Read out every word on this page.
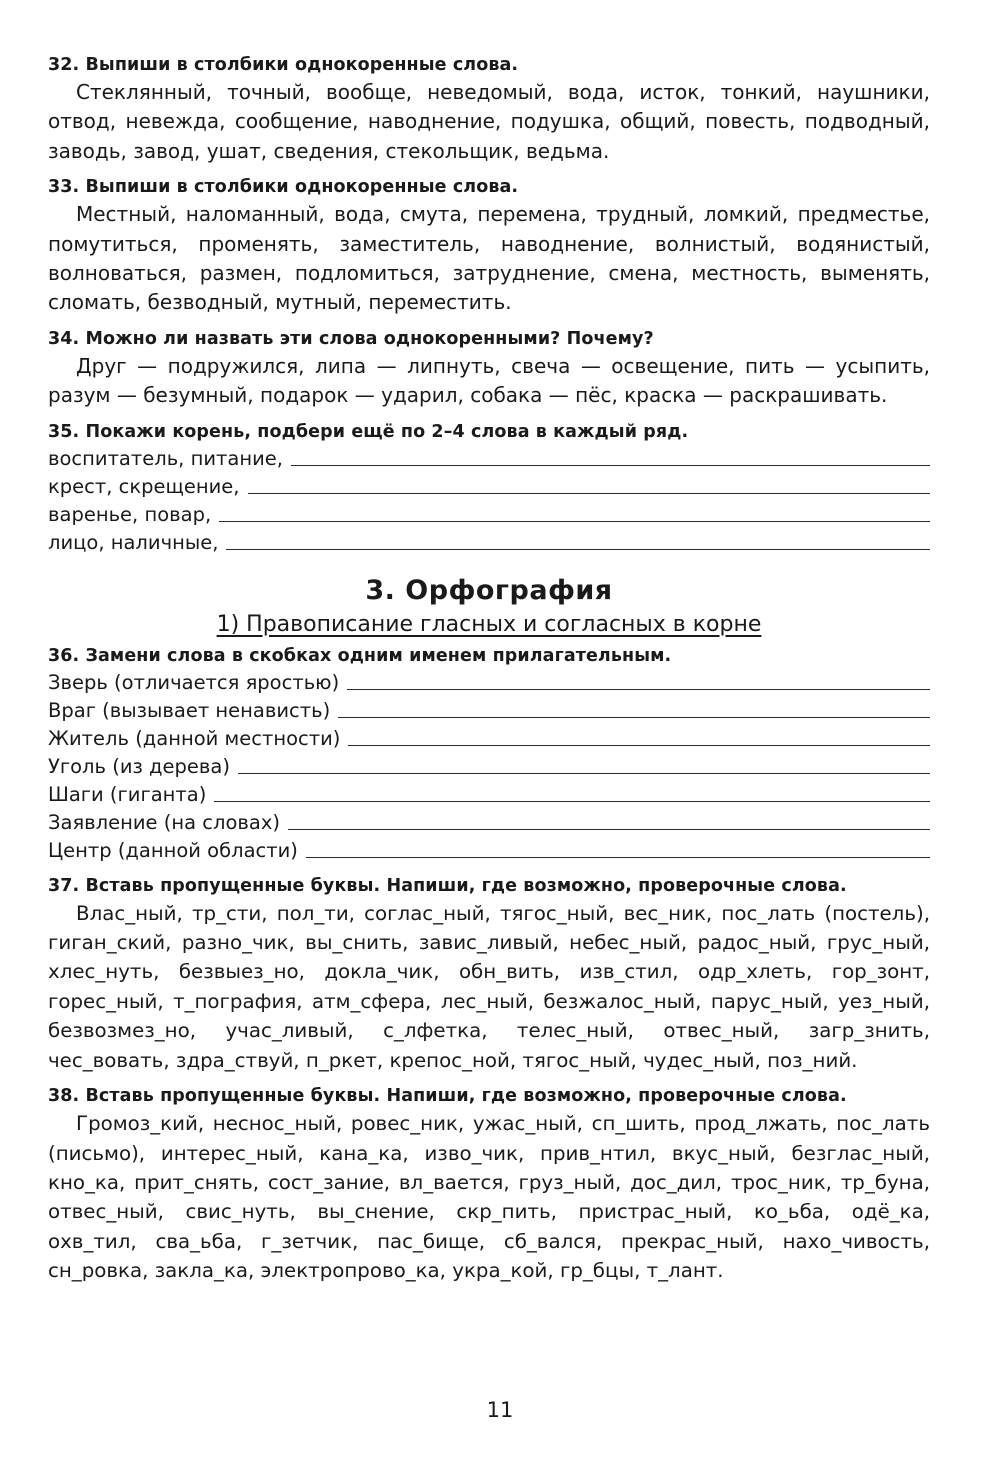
32. Выпиши в столбики однокоренные слова.
Стеклянный, точный, вообще, неведомый, вода, исток, тонкий, наушники, отвод, невежда, сообщение, наводнение, подушка, общий, повесть, подводный, заводь, завод, ушат, сведения, стекольщик, ведьма.
33. Выпиши в столбики однокоренные слова.
Местный, наломанный, вода, смута, перемена, трудный, ломкий, предместье, помутиться, променять, заместитель, наводнение, волнистый, водянистый, волноваться, размен, подломиться, затруднение, смена, местность, выменять, сломать, безводный, мутный, переместить.
34. Можно ли назвать эти слова однокоренными? Почему?
Друг — подружился, липа — липнуть, свеча — освещение, пить — усыпить, разум — безумный, подарок — ударил, собака — пёс, краска — раскрашивать.
35. Покажи корень, подбери ещё по 2–4 слова в каждый ряд.
воспитатель, питание,
крест, скрещение,
варенье, повар,
лицо, наличные,
3. Орфография
1) Правописание гласных и согласных в корне
36. Замени слова в скобках одним именем прилагательным.
Зверь (отличается яростью)
Враг (вызывает ненависть)
Житель (данной местности)
Уголь (из дерева)
Шаги (гиганта)
Заявление (на словах)
Центр (данной области)
37. Вставь пропущенные буквы. Напиши, где возможно, проверочные слова.
Влас_ный, тр_сти, пол_ти, соглас_ный, тягос_ный, вес_ник, пос_лать (постель), гиган_ский, разно_чик, вы_снить, завис_ливый, небес_ный, радос_ный, грус_ный, хлес_нуть, безвыез_но, докла_чик, обн_вить, изв_стил, одр_хлеть, гор_зонт, горес_ный, т_пография, атм_сфера, лес_ный, безжалос_ный, парус_ный, уез_ный, безвозмез_но, учас_ливый, с_лфетка, телес_ный, отвес_ный, загр_знить, чес_вовать, здра_ствуй, п_ркет, крепос_ной, тягос_ный, чудес_ный, поз_ний.
38. Вставь пропущенные буквы. Напиши, где возможно, проверочные слова.
Громоз_кий, неснос_ный, ровес_ник, ужас_ный, сп_шить, прод_лжать, пос_лать (письмо), интерес_ный, кана_ка, изво_чик, прив_нтил, вкус_ный, безглас_ный, кно_ка, прит_снять, сост_зание, вл_вается, груз_ный, дос_дил, трос_ник, тр_буна, отвес_ный, свис_нуть, вы_снение, скр_пить, пристрас_ный, ко_ьба, одё_ка, охв_тил, сва_ьба, г_зетчик, пас_бище, сб_вался, прекрас_ный, нахо_чивость, сн_ровка, закла_ка, электропрово_ка, укра_кой, гр_бцы, т_лант.
11
